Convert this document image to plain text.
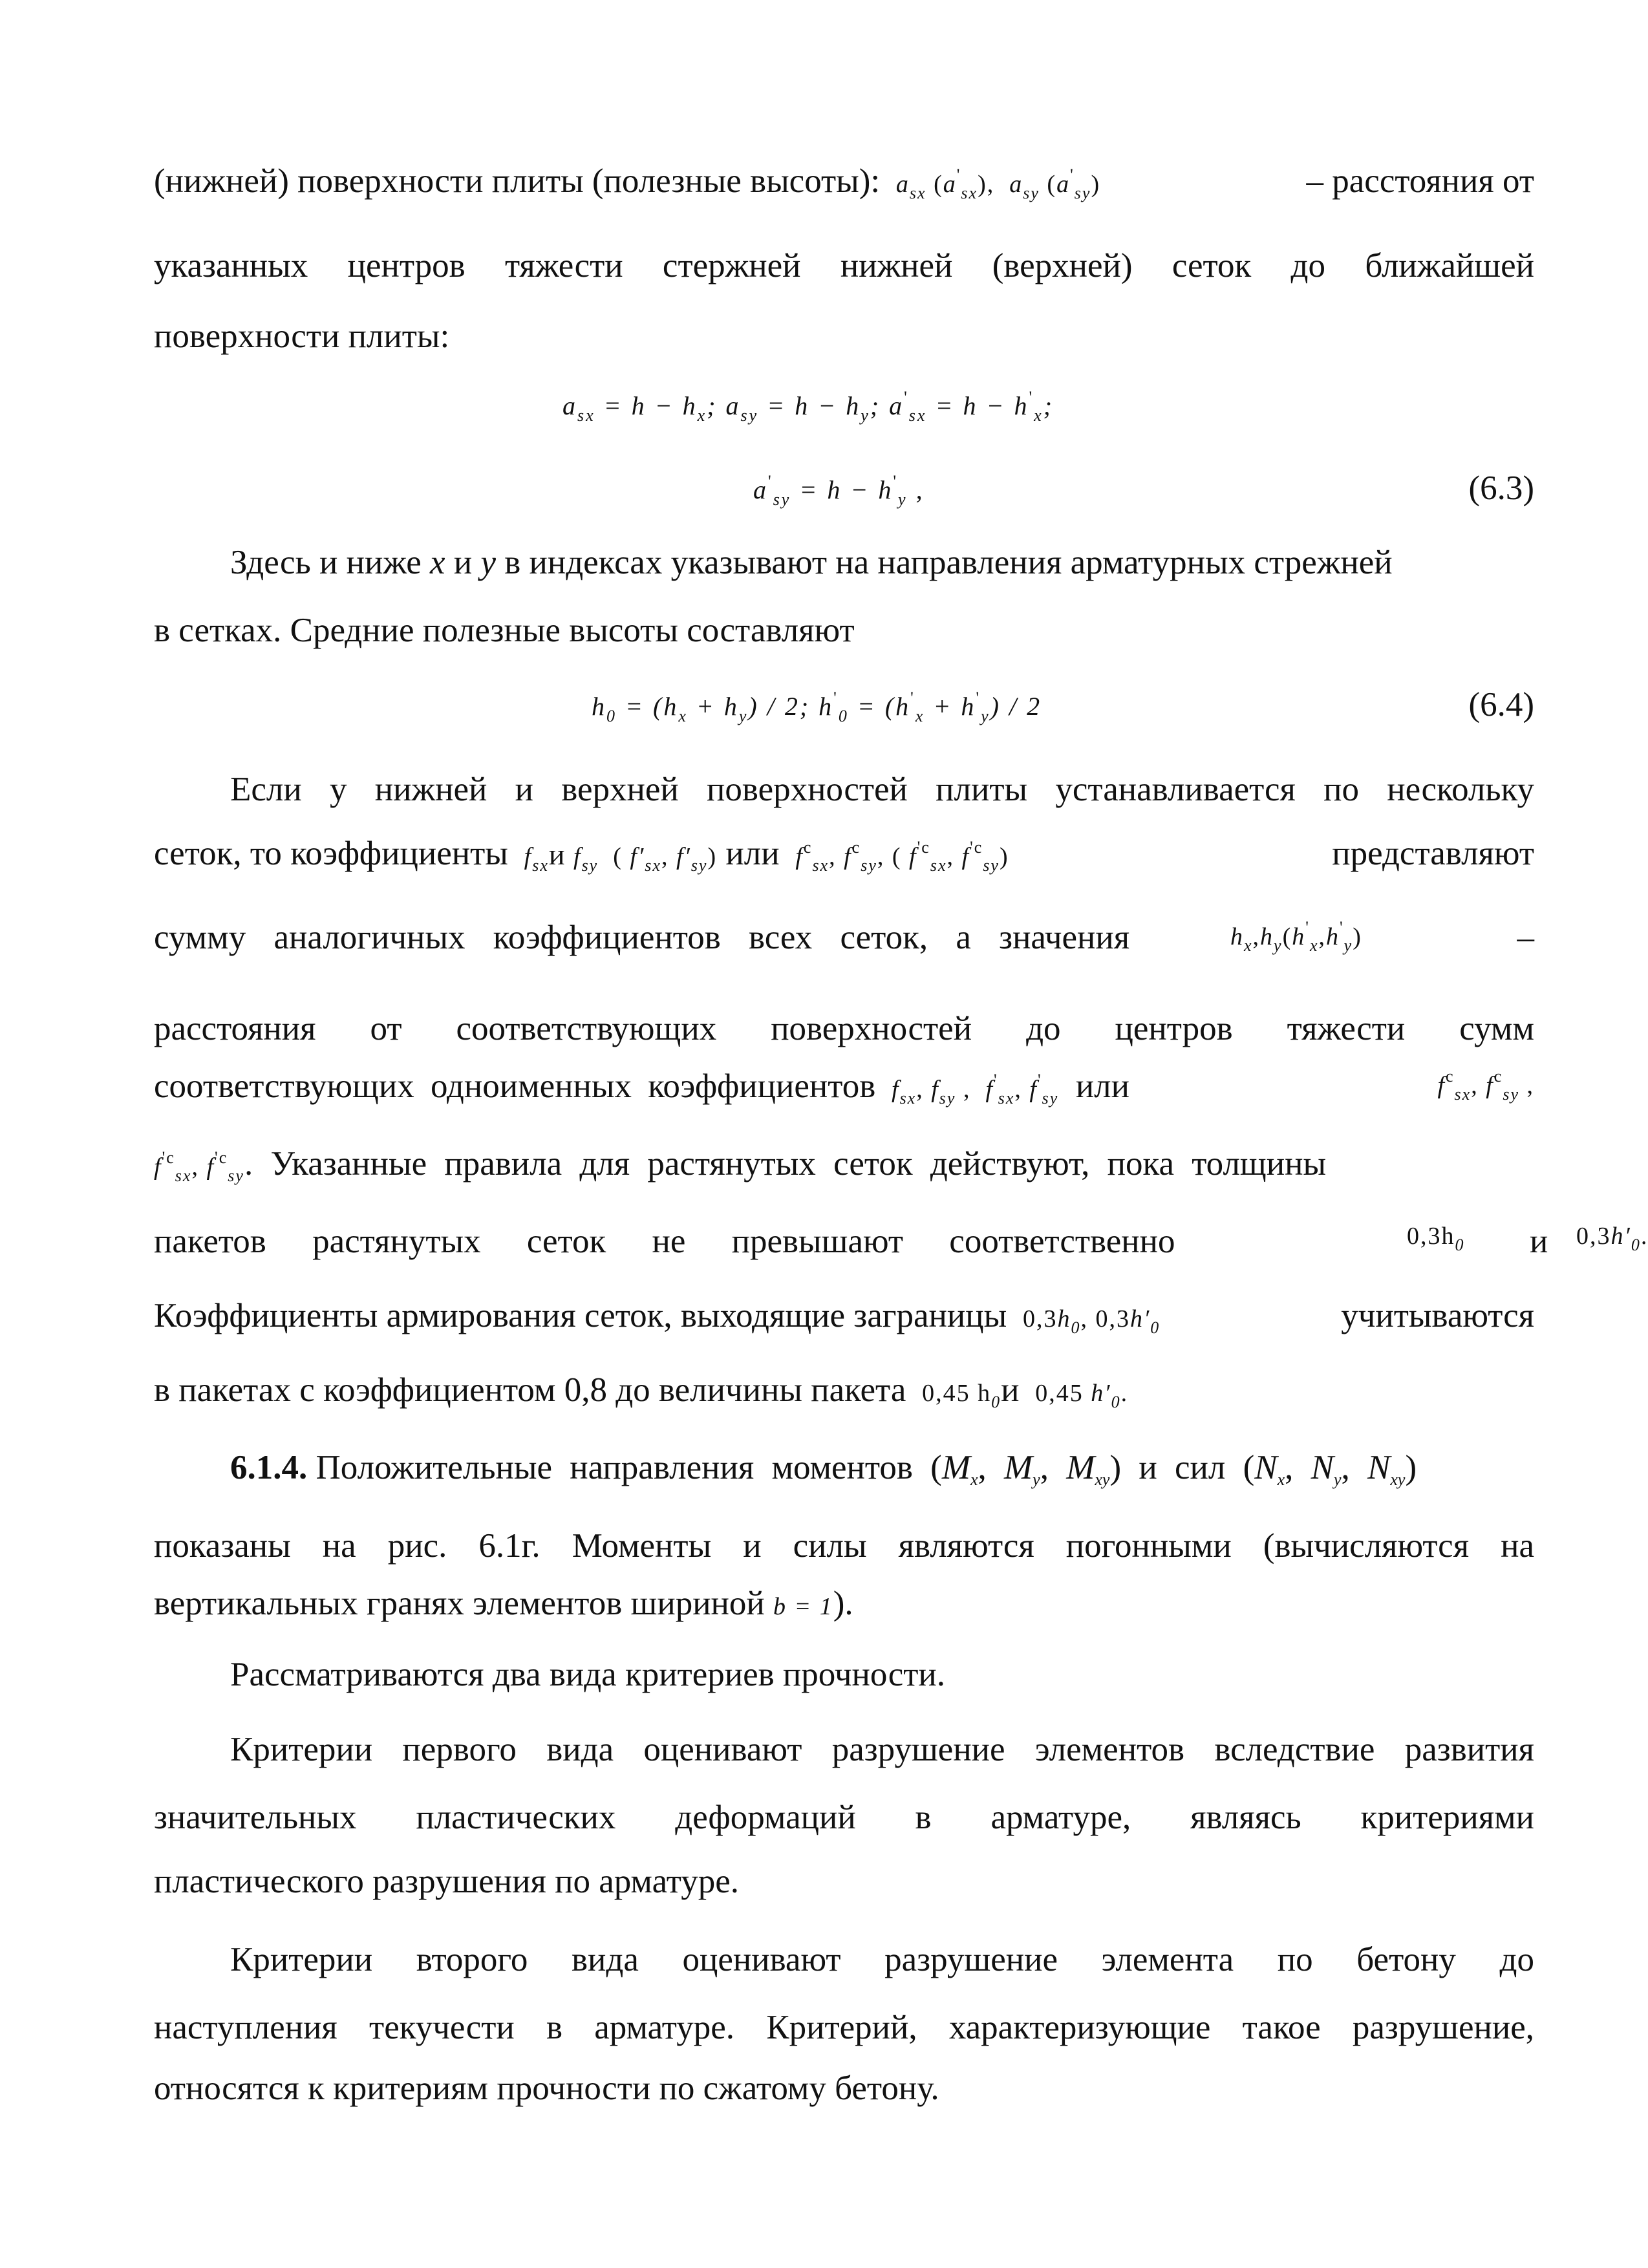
(нижней) поверхности плиты (полезные высоты):  $a_{sx}$ $(a'_{sx})$,  $a_{sy}$ $(a'_{sy})$	– расстояния от

указанных центров тяжести стержней нижней (верхней) сеток до ближайшей

поверхности плиты:

$a_{sx} = h - h_x$; $a_{sy} = h - h_y$; $a'_{sx} = h - h'_x$;
$a'_{sy} = h - h'_y$ ,	(6.3)

Здесь и ниже x и y в индексах указывают на направления арматурных стрежней

в сетках. Средние полезные высоты составляют

$h_0 = (h_x + h_y) / 2$; $h'_0 = (h'_x + h'_y) / 2$	(6.4)

Если у нижней и верхней поверхностей плиты устанавливается по нескольку

сеток, то коэффициенты  $f_{sx}и$ $f_{sy}$ ( $f'_{sx}$, $f'_{sy}$) или  $f^c_{sx}$, $f^c_{sy}$, ( $f^{'c}_{sx}$, $f^{'c}_{sy}$)	представляют

сумму аналогичных коэффициентов всех сеток, а значения	$h_x,h_y(h'_x,h'_y)$	–

расстояния от соответствующих поверхностей до центров тяжести сумм

соответствующих одноименных коэффициентов  $f_{sx}$, $f_{sy}$ ,  $f'_{sx}$, $f'_{sy}$ или	$f^c_{sx}$, $f^c_{sy}$ ,

$f^{'c}_{sx}$, $f^{'c}_{sy}$. Указанные правила для растянутых сеток действуют, пока толщины

пакетов растянутых сеток не превышают соответственно	$0,3h_0$ и $0,3h'_0$.

Коэффициенты армирования сеток, выходящие заграницы $0,3h_0$, $0,3h'_0$	учитываются

в пакетах с коэффициентом 0,8 до величины пакета 0,45 $h_0и$ 0,45 $h'_0$.

6.1.4. Положительные направления моментов ($M_x$, $M_y$, $M_{xy}$) и сил ($N_x$, $N_y$, $N_{xy}$)

показаны на рис. 6.1г. Моменты и силы являются погонными (вычисляются на

вертикальных гранях элементов шириной b = 1).

Рассматриваются два вида критериев прочности.

Критерии первого вида оценивают разрушение элементов вследствие развития

значительных пластических деформаций в арматуре, являясь критериями

пластического разрушения по арматуре.

Критерии второго вида оценивают разрушение элемента по бетону до

наступления текучести в арматуре. Критерий, характеризующие такое разрушение,

относятся к критериям прочности по сжатому бетону.
